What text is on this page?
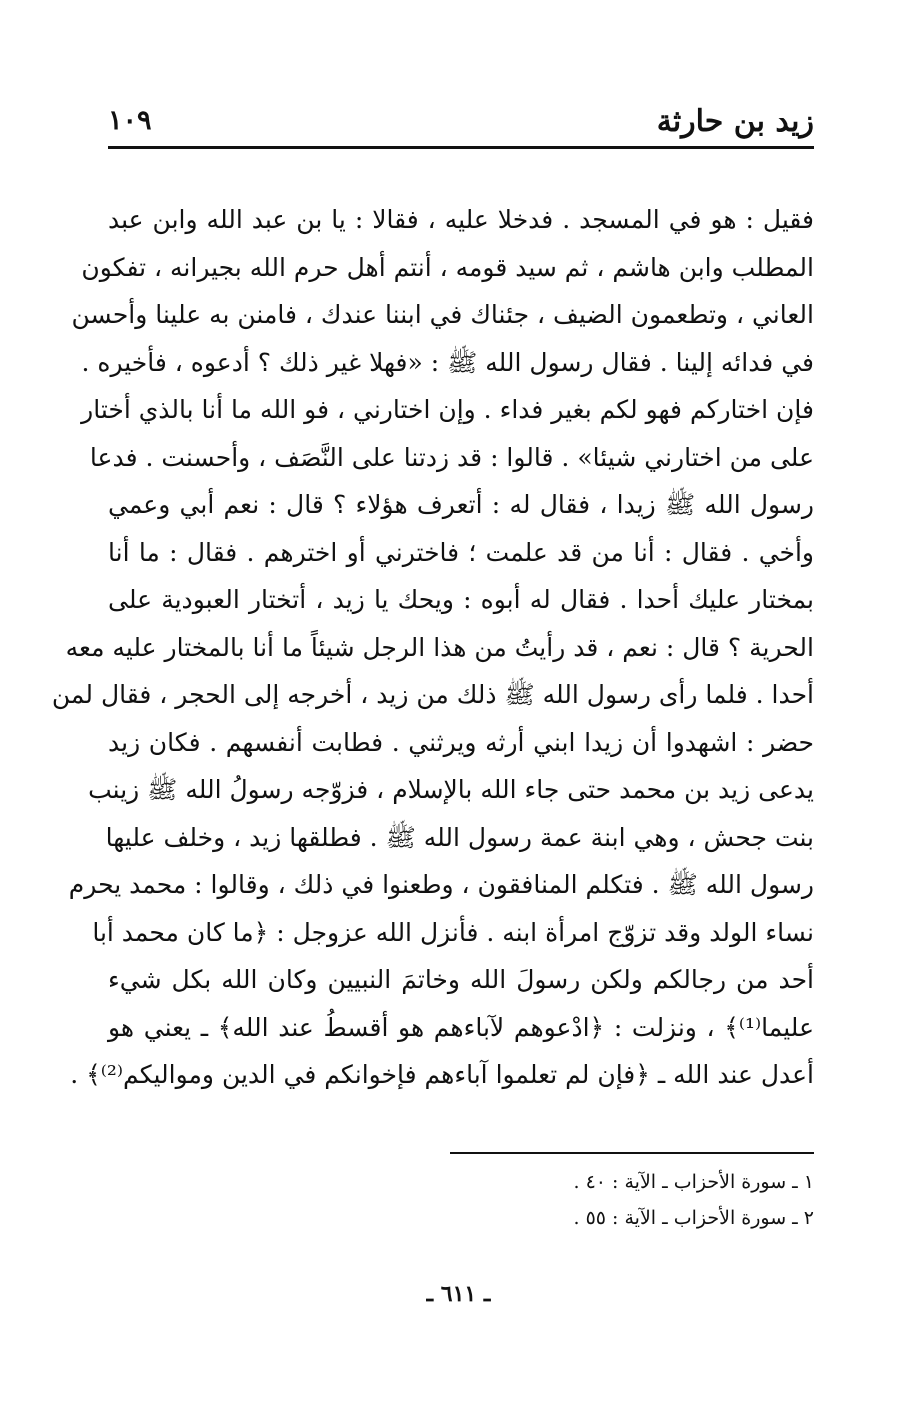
زيد بن حارثة
١٠٩
فقيل : هو في المسجد . فدخلا عليه ، فقالا : يا بن عبد الله وابن عبد
المطلب وابن هاشم ، ثم سيد قومه ، أنتم أهل حرم الله بجيرانه ، تفكون
العاني ، وتطعمون الضيف ، جئناك في ابننا عندك ، فامنن به علينا وأحسن
في فدائه إلينا . فقال رسول الله ﷺ : «فهلا غير ذلك ؟ أدعوه ، فأخيره .
فإن اختاركم فهو لكم بغير فداء . وإن اختارني ، فو الله ما أنا بالذي أختار
على من اختارني شيئا» . قالوا : قد زدتنا على النَّصَف ، وأحسنت . فدعا
رسول الله ﷺ زيدا ، فقال له : أتعرف هؤلاء ؟ قال : نعم أبي وعمي
وأخي . فقال : أنا من قد علمت ؛ فاخترني أو اخترهم . فقال : ما أنا
بمختار عليك أحدا . فقال له أبوه : ويحك يا زيد ، أتختار العبودية على
الحرية ؟ قال : نعم ، قد رأيتُ من هذا الرجل شيئاً ما أنا بالمختار عليه معه
أحدا . فلما رأى رسول الله ﷺ ذلك من زيد ، أخرجه إلى الحجر ، فقال لمن
حضر : اشهدوا أن زيدا ابني أرثه ويرثني . فطابت أنفسهم . فكان زيد
يدعى زيد بن محمد حتى جاء الله بالإسلام ، فزوّجه رسولُ الله ﷺ زينب
بنت جحش ، وهي ابنة عمة رسول الله ﷺ . فطلقها زيد ، وخلف عليها
رسول الله ﷺ . فتكلم المنافقون ، وطعنوا في ذلك ، وقالوا : محمد يحرم
نساء الولد وقد تزوّج امرأة ابنه . فأنزل الله عزوجل : ﴿ما كان محمد أبا
أحد من رجالكم ولكن رسولَ الله وخاتمَ النبيين وكان الله بكل شيء
عليما⁽¹⁾﴾ ، ونزلت : ﴿ادْعوهم لآباءهم هو أقسطُ عند الله﴾ ـ يعني هو
أعدل عند الله ـ ﴿فإن لم تعلموا آباءهم فإخوانكم في الدين ومواليكم⁽²⁾﴾ .
١ ـ سورة الأحزاب ـ الآية : ٤٠ .
٢ ـ سورة الأحزاب ـ الآية : ٥٥ .
ـ ٦١١ ـ
